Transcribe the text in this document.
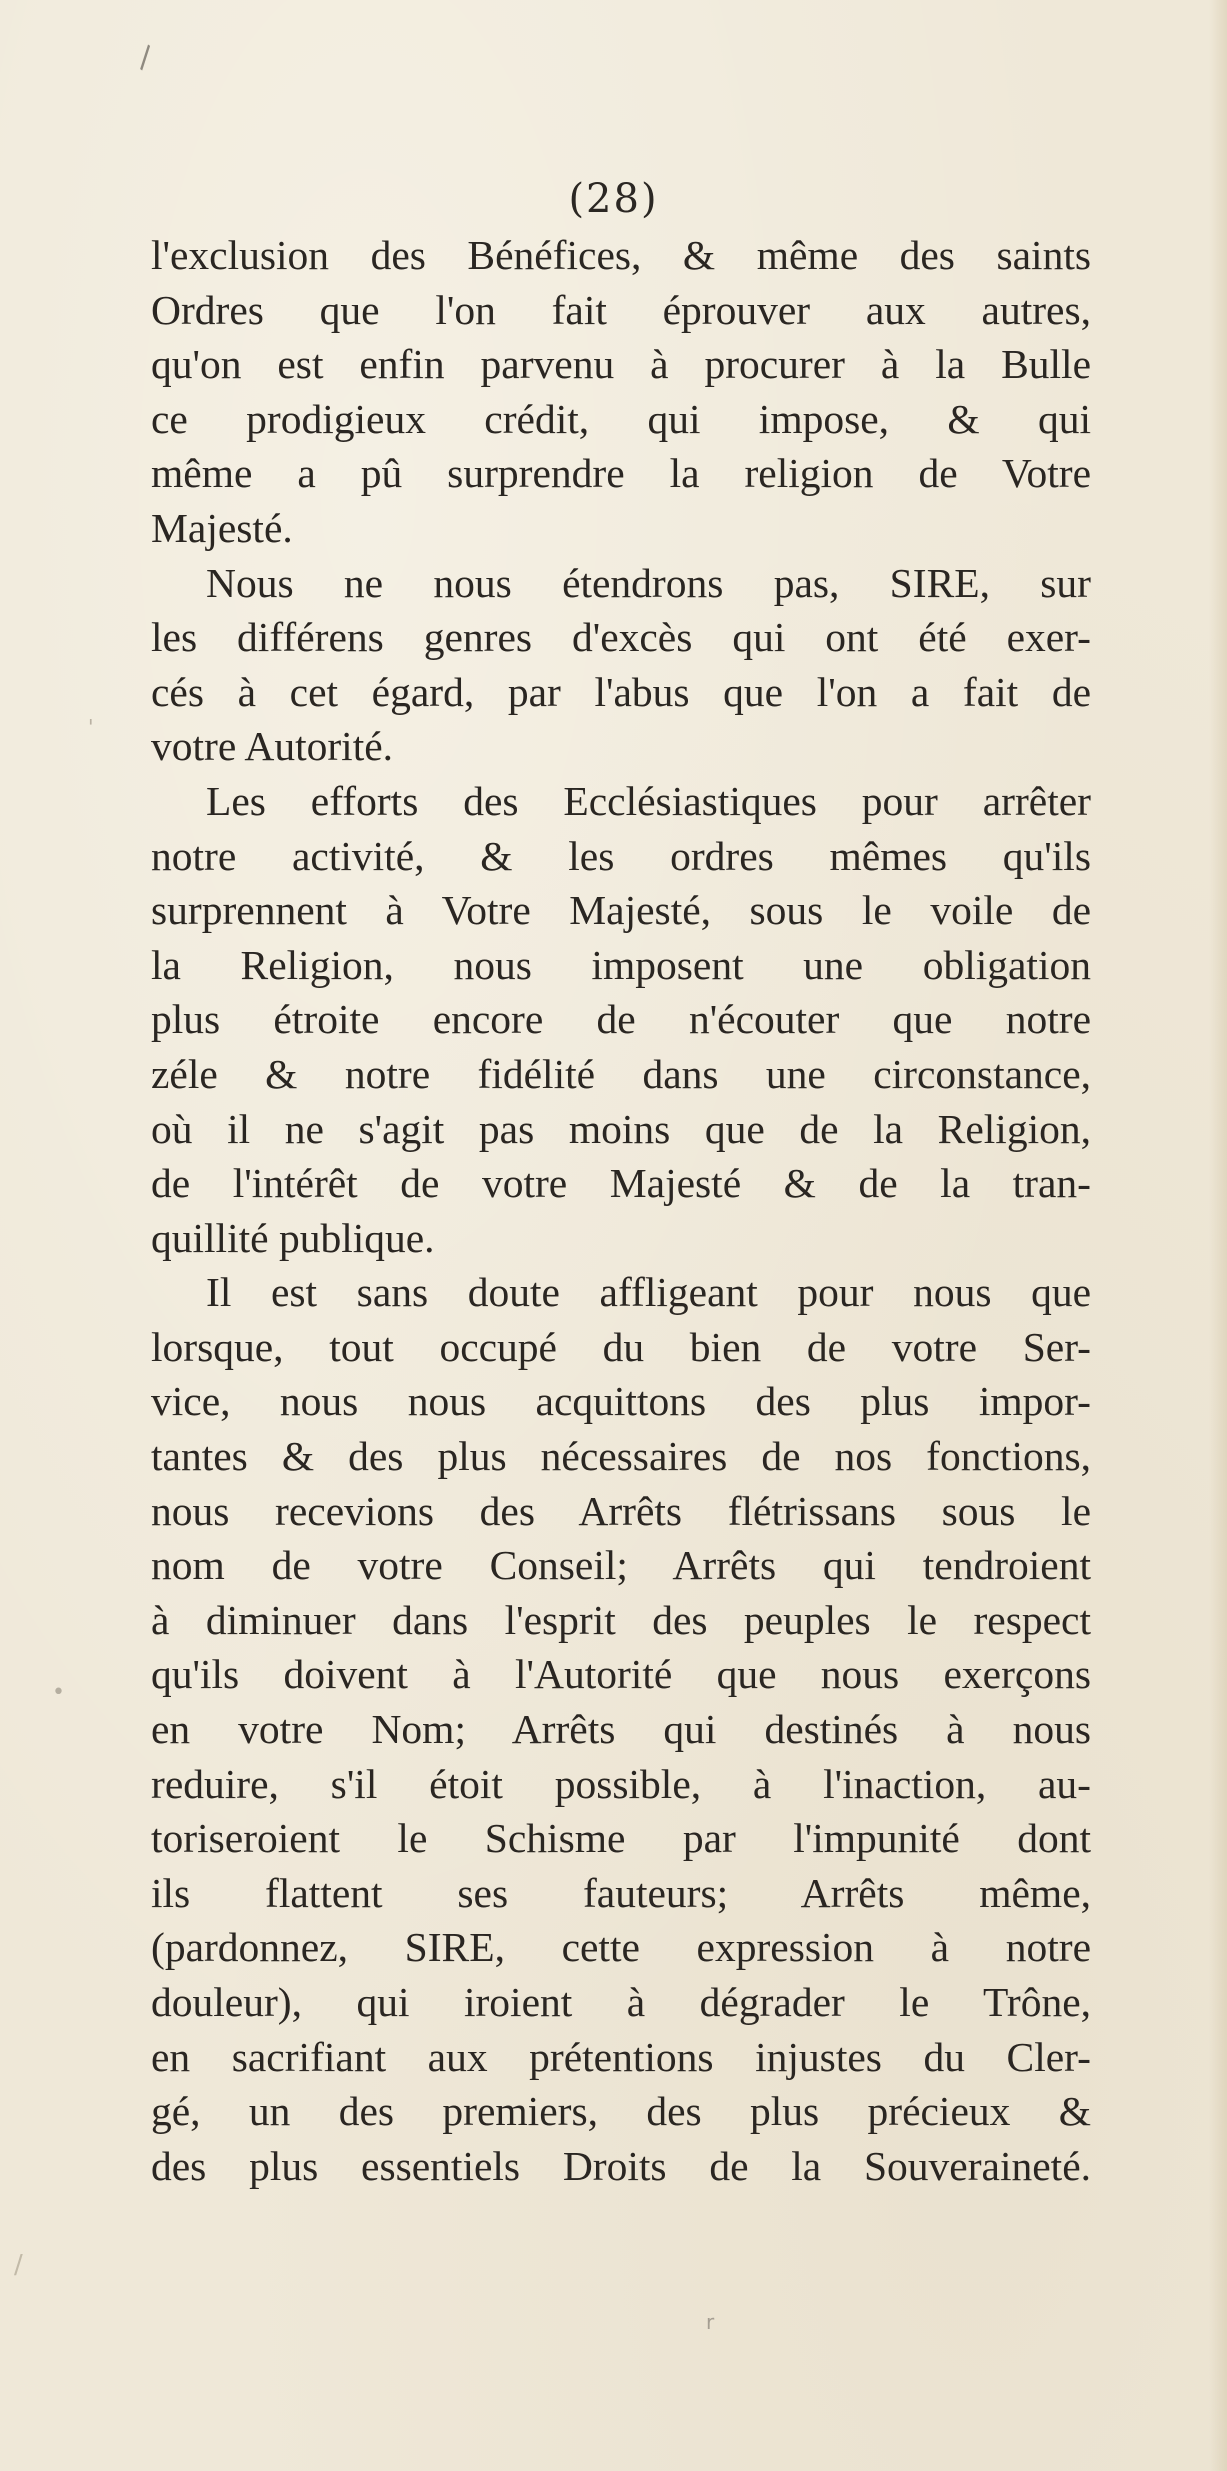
\
•
/
r
'
(28)
l'exclusion des Bénéfices, & même des saints
Ordres que l'on fait éprouver aux autres,
qu'on est enfin parvenu à procurer à la Bulle
ce prodigieux crédit, qui impose, & qui
même a pû surprendre la religion de Votre
Majesté.
Nous ne nous étendrons pas, SIRE, sur
les différens genres d'excès qui ont été exer-
cés à cet égard, par l'abus que l'on a fait de
votre Autorité.
Les efforts des Ecclésiastiques pour arrêter
notre activité, & les ordres mêmes qu'ils
surprennent à Votre Majesté, sous le voile de
la Religion, nous imposent une obligation
plus étroite encore de n'écouter que notre
zéle & notre fidélité dans une circonstance,
où il ne s'agit pas moins que de la Religion,
de l'intérêt de votre Majesté & de la tran-
quillité publique.
Il est sans doute affligeant pour nous que
lorsque, tout occupé du bien de votre Ser-
vice, nous nous acquittons des plus impor-
tantes & des plus nécessaires de nos fonctions,
nous recevions des Arrêts flétrissans sous le
nom de votre Conseil; Arrêts qui tendroient
à diminuer dans l'esprit des peuples le respect
qu'ils doivent à l'Autorité que nous exerçons
en votre Nom; Arrêts qui destinés à nous
reduire, s'il étoit possible, à l'inaction, au-
toriseroient le Schisme par l'impunité dont
ils flattent ses fauteurs; Arrêts même,
(pardonnez, SIRE, cette expression à notre
douleur), qui iroient à dégrader le Trône,
en sacrifiant aux prétentions injustes du Cler-
gé, un des premiers, des plus précieux &
des plus essentiels Droits de la Souveraineté.
